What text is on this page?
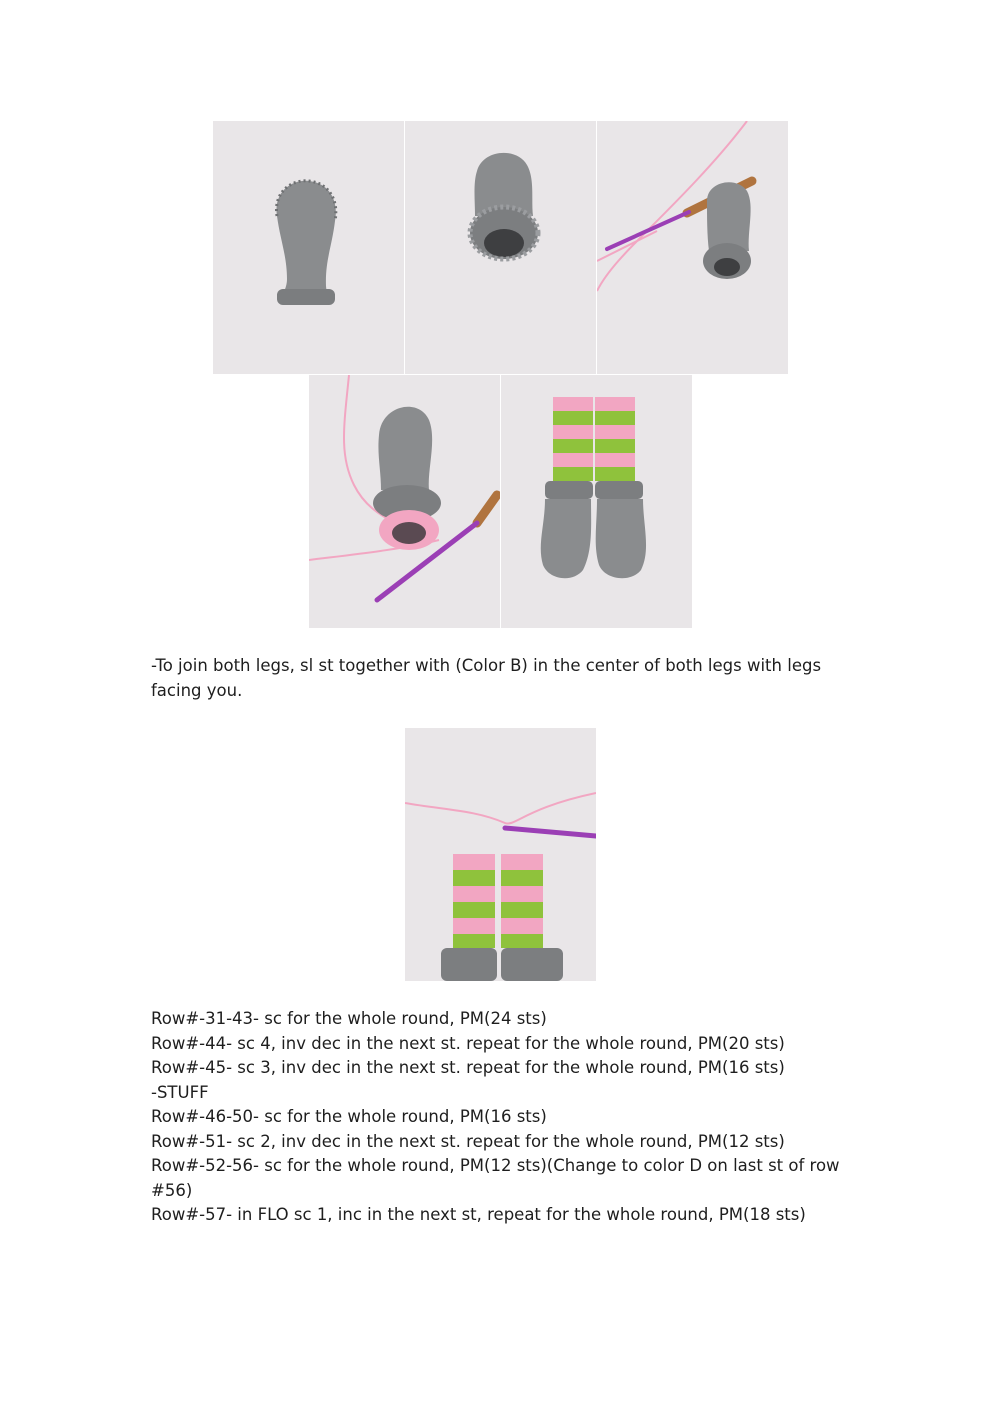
-To join both legs, sl st together with (Color B) in the center of both legs with legs facing you.

Row#-31-43- sc for the whole round, PM(24 sts)
Row#-44- sc 4, inv dec in the next st. repeat for the whole round, PM(20 sts)
Row#-45- sc 3, inv dec in the next st. repeat for the whole round, PM(16 sts)
-STUFF
Row#-46-50- sc for the whole round, PM(16 sts)
Row#-51- sc 2, inv dec in the next st. repeat for the whole round, PM(12 sts)
Row#-52-56- sc for the whole round, PM(12 sts)(Change to color D on last st of row #56)
Row#-57- in FLO sc 1, inc in the next st, repeat for the whole round, PM(18 sts)
